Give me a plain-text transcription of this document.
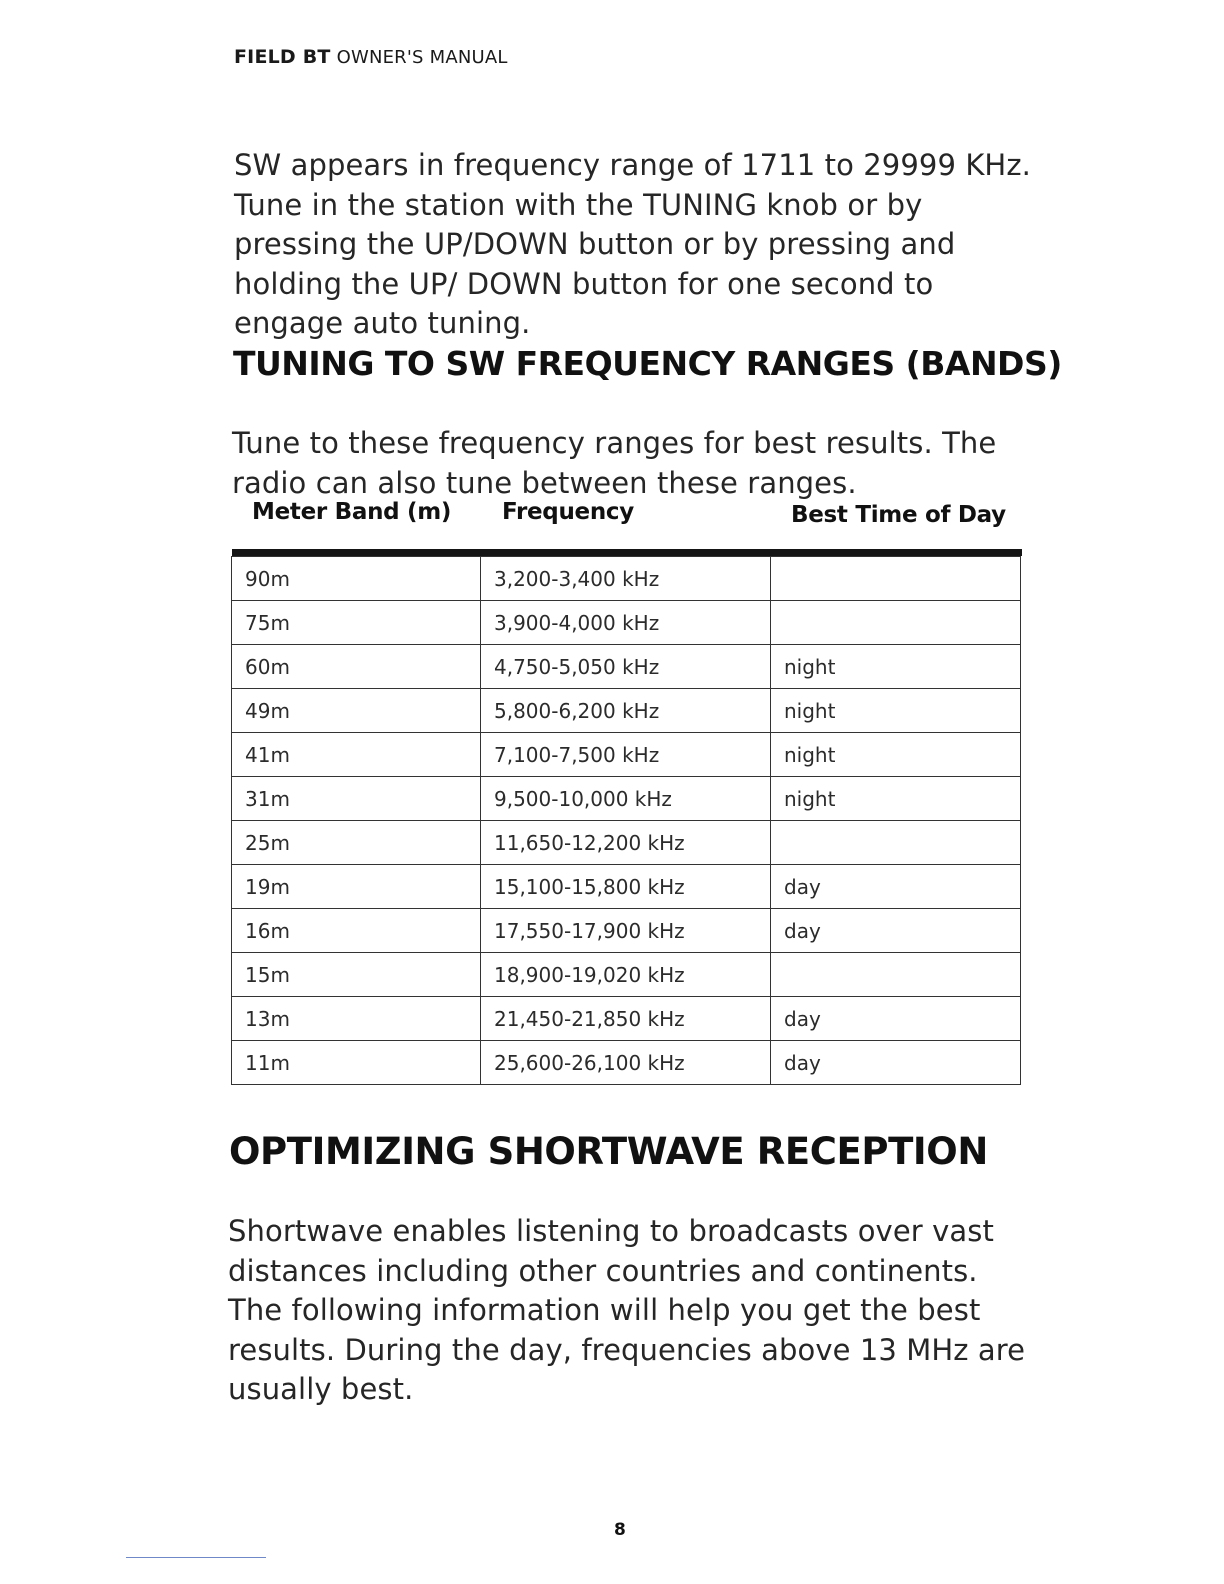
FIELD BT OWNER'S MANUAL

SW appears in frequency range of 1711 to 29999 KHz. Tune in the station with the TUNING knob or by pressing the UP/DOWN button or by pressing and holding the UP/ DOWN button for one second to engage auto tuning.

TUNING TO SW FREQUENCY RANGES (BANDS)

Tune to these frequency ranges for best results. The radio can also tune between these ranges.

Meter Band (m) Frequency	Best Time of Day
90m	3,200-3,400 kHz	
75m	3,900-4,000 kHz	
60m	4,750-5,050 kHz	night
49m	5,800-6,200 kHz	night
41m	7,100-7,500 kHz	night
31m	9,500-10,000 kHz	night
25m	11,650-12,200 kHz	
19m	15,100-15,800 kHz	day
16m	17,550-17,900 kHz	day
15m	18,900-19,020 kHz	
13m	21,450-21,850 kHz	day
11m	25,600-26,100 kHz	day
OPTIMIZING SHORTWAVE RECEPTION

Shortwave enables listening to broadcasts over vast distances including other countries and continents. The following information will help you get the best results. During the day, frequencies above 13 MHz are usually best.

8
